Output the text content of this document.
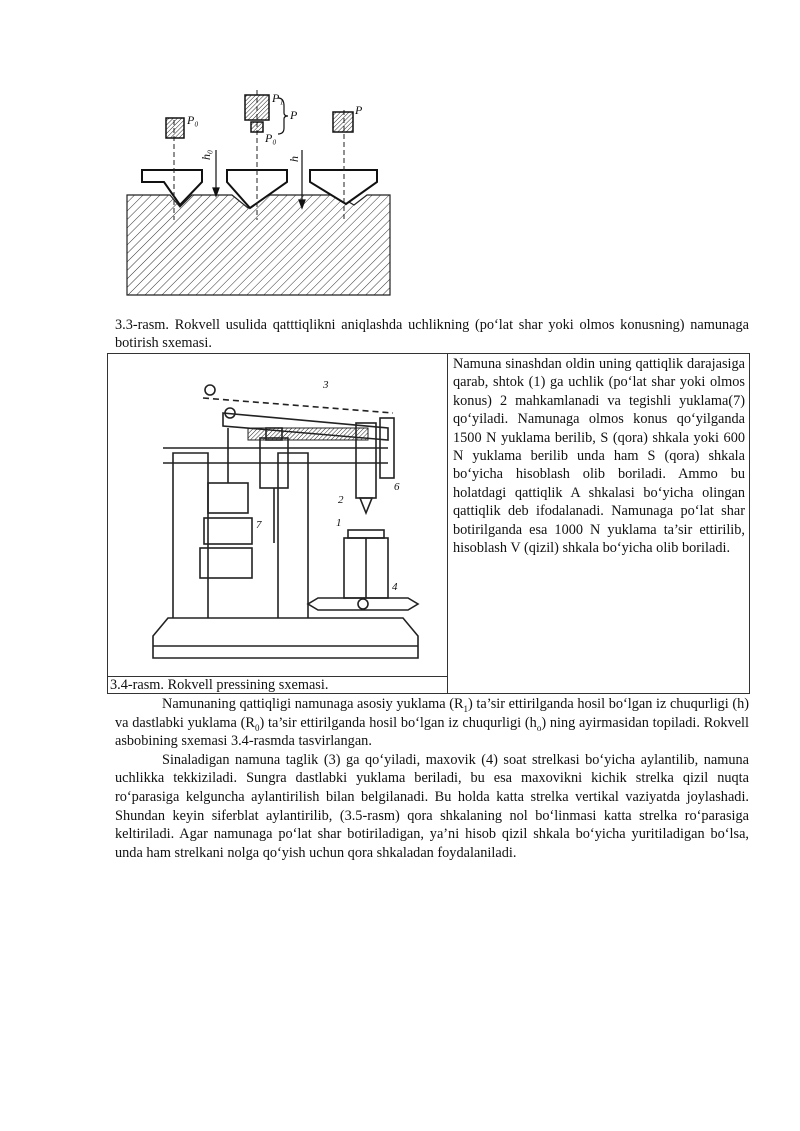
P₀
P₁
P
P₀
P
h₀	h

3.3-rasm. Rokvell usulida qatttiqlikni aniqlashda uchlikning (po‘lat shar yoki olmos konusning) namunaga botirish sxemasi.

3
2
1
4
6
7

3.4-rasm. Rokvell pressining sxemasi.

Namuna sinashdan oldin uning qattiqlik darajasiga qarab, shtok (1) ga uchlik (po‘lat shar yoki olmos konus) 2 mahkamlanadi va tegishli yuklama(7) qo‘yiladi. Namunaga olmos konus qo‘yilganda 1500 N yuklama berilib, S (qora) shkala yoki 600 N yuklama berilib unda ham S (qora) shkala bo‘yicha hisoblash olib boriladi. Ammo bu holatdagi qattiqlik A shkalasi bo‘yicha olingan qattiqlik deb ifodalanadi. Namunaga po‘lat shar botirilganda esa 1000 N yuklama ta’sir ettirilib, hisoblash V (qizil) shkala bo‘yicha olib boriladi.

Namunaning qattiqligi namunaga asosiy yuklama $(R_1)$ ta’sir ettirilganda hosil bo‘lgan iz chuqurligi (h) va dastlabki yuklama $(R_0)$ ta’sir ettirilganda hosil bo‘lgan iz chuqurligi $(h_o)$ ning ayirmasidan topiladi. Rokvell asbobining sxemasi 3.4-rasmda tasvirlangan.

Sinaladigan namuna taglik (3) ga qo‘yiladi, maxovik (4) soat strelkasi bo‘yicha aylantilib, namuna uchlikka tekkiziladi. Sungra dastlabki yuklama beriladi, bu esa maxovikni kichik strelka qizil nuqta ro‘parasiga kelguncha aylantirilish bilan belgilanadi. Bu holda katta strelka vertikal vaziyatda joylashadi. Shundan keyin siferblat aylantirilib, (3.5-rasm) qora shkalaning nol bo‘linmasi katta strelka ro‘parasiga keltiriladi. Agar namunaga po‘lat shar botiriladigan, ya’ni hisob qizil shkala bo‘yicha yuritiladigan bo‘lsa, unda ham strelkani nolga qo‘yish uchun qora shkaladan foydalaniladi.
